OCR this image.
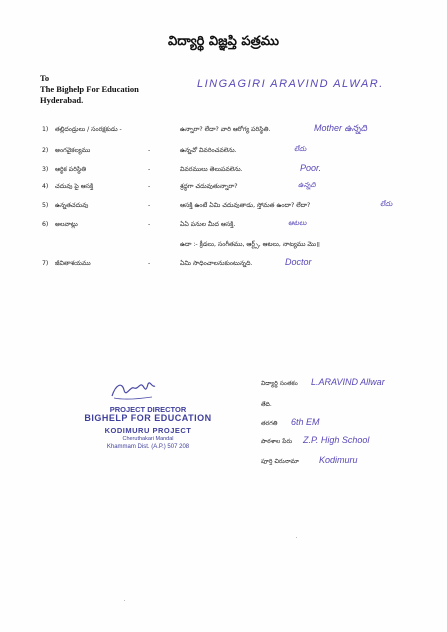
విద్యార్థి విజ్ఞప్తి పత్రము
To
The Bighelp For Education
Hyderabad.
LINGAGIRI ARAVIND ALWAR.
1) తల్లిదండ్రులు / సంరక్షకుడు -	ఉన్నారా? లేదా? వారి ఆరోగ్య పరిస్థితి.	Mother ఉన్నది
2) అంగవైకల్యము	-	ఉన్నచో వివరించవలెను.	లేదు
3) ఆర్థిక పరిస్థితి	-	వివరములు తెలుపవలెను.	Poor.
4) చదువు పై ఆసక్తి	-	శ్రద్ధగా చదువుతున్నారా?	ఉన్నది
5) ఉన్నతచదువు	-	ఆసక్తి ఉంటే ఏమి చదువుతాడు, స్తోమత ఉందా? లేదా?	లేదు
6) అలవాట్లు	-	ఏఏ పనుల మీద ఆసక్తి.	ఆటలు
ఉదా :- క్రీడలు, సంగీతము, ఆర్ట్స్, ఆటలు, నాట్యము మొ॥
7) జీవితాశయము	-	ఏమి సాధించాలనుకుంటున్నది.	Doctor
PROJECT DIRECTOR
BIGHELP FOR EDUCATION
KODIMURU PROJECT
Cheruthakari Mandal
Khammam Dist. (A.P.) 507 208
విద్యార్థి సంతకం L.ARAVIND Allwar
తేది.
తరగతి 6th EM
పాఠశాల పేరు Z.P. High School
పూర్తి చిరునామా Kodimuru
